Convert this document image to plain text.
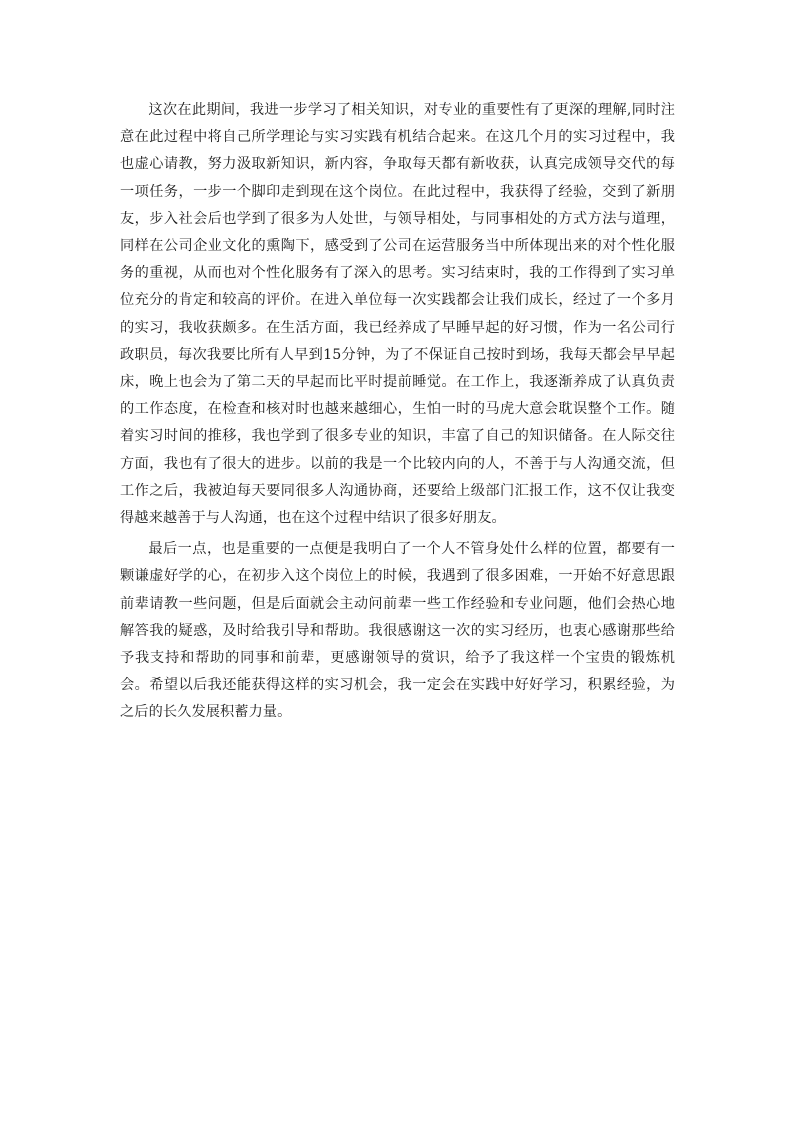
这次在此期间，我进一步学习了相关知识，对专业的重要性有了更深的理解,同时注意在此过程中将自己所学理论与实习实践有机结合起来。在这几个月的实习过程中，我也虚心请教，努力汲取新知识，新内容，争取每天都有新收获，认真完成领导交代的每一项任务，一步一个脚印走到现在这个岗位。在此过程中，我获得了经验，交到了新朋友，步入社会后也学到了很多为人处世，与领导相处，与同事相处的方式方法与道理，同样在公司企业文化的熏陶下，感受到了公司在运营服务当中所体现出来的对个性化服务的重视，从而也对个性化服务有了深入的思考。实习结束时，我的工作得到了实习单位充分的肯定和较高的评价。在进入单位每一次实践都会让我们成长，经过了一个多月的实习，我收获颇多。在生活方面，我已经养成了早睡早起的好习惯，作为一名公司行政职员，每次我要比所有人早到15分钟，为了不保证自己按时到场，我每天都会早早起床，晚上也会为了第二天的早起而比平时提前睡觉。在工作上，我逐渐养成了认真负责的工作态度，在检查和核对时也越来越细心，生怕一时的马虎大意会耽误整个工作。随着实习时间的推移，我也学到了很多专业的知识，丰富了自己的知识储备。在人际交往方面，我也有了很大的进步。以前的我是一个比较内向的人，不善于与人沟通交流，但工作之后，我被迫每天要同很多人沟通协商，还要给上级部门汇报工作，这不仅让我变得越来越善于与人沟通，也在这个过程中结识了很多好朋友。

最后一点，也是重要的一点便是我明白了一个人不管身处什么样的位置，都要有一颗谦虚好学的心，在初步入这个岗位上的时候，我遇到了很多困难，一开始不好意思跟前辈请教一些问题，但是后面就会主动问前辈一些工作经验和专业问题，他们会热心地解答我的疑惑，及时给我引导和帮助。我很感谢这一次的实习经历，也衷心感谢那些给予我支持和帮助的同事和前辈，更感谢领导的赏识，给予了我这样一个宝贵的锻炼机会。希望以后我还能获得这样的实习机会，我一定会在实践中好好学习，积累经验，为之后的长久发展积蓄力量。
